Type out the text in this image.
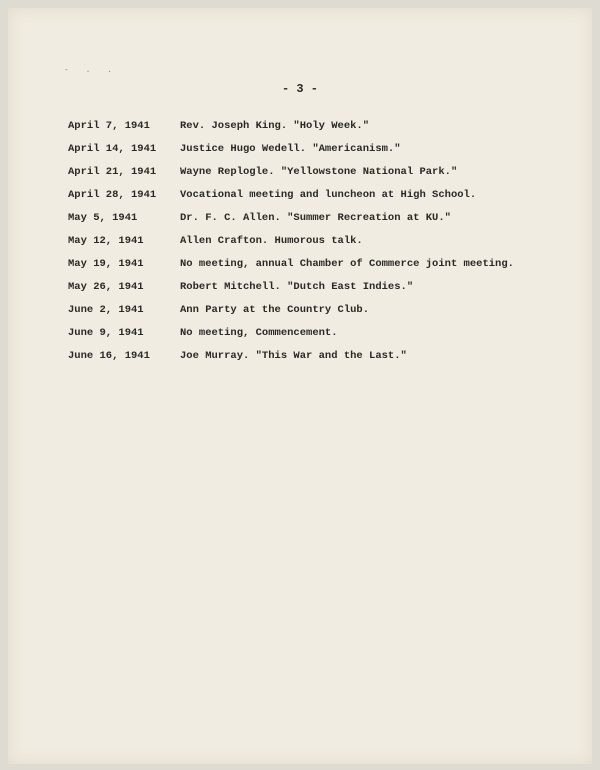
- . .
- 3 -
April 7, 1941	Rev. Joseph King. "Holy Week."
April 14, 1941	Justice Hugo Wedell. "Americanism."
April 21, 1941	Wayne Replogle. "Yellowstone National Park."
April 28, 1941	Vocational meeting and luncheon at High School.
May 5, 1941	Dr. F. C. Allen. "Summer Recreation at KU."
May 12, 1941	Allen Crafton. Humorous talk.
May 19, 1941	No meeting, annual Chamber of Commerce joint meeting.
May 26, 1941	Robert Mitchell. "Dutch East Indies."
June 2, 1941	Ann Party at the Country Club.
June 9, 1941	No meeting, Commencement.
June 16, 1941	Joe Murray. "This War and the Last."
